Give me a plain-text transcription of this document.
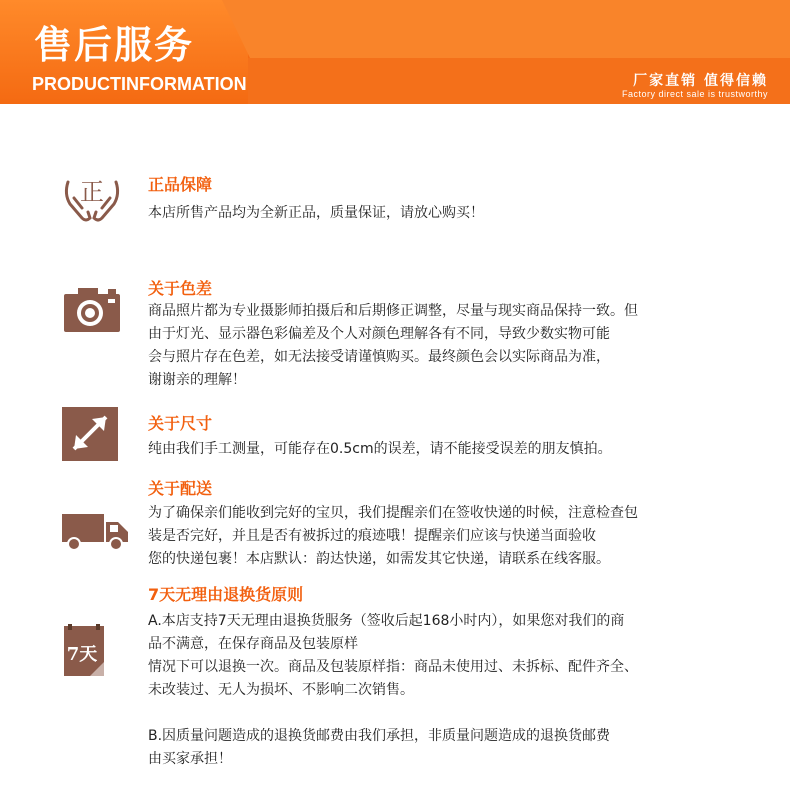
售后服务
PRODUCTINFORMATION	厂家直销 值得信赖
Factory direct sale is trustworthy
正	正品保障

本店所售产品均为全新正品，质量保证，请放心购买！

关于色差

商品照片都为专业摄影师拍摄后和后期修正调整，尽量与现实商品保持一致。但

由于灯光、显示器色彩偏差及个人对颜色理解各有不同，导致少数实物可能

会与照片存在色差，如无法接受请谨慎购买。最终颜色会以实际商品为准，

谢谢亲的理解！

关于尺寸

纯由我们手工测量，可能存在0.5cm的误差，请不能接受误差的朋友慎拍。

关于配送

为了确保亲们能收到完好的宝贝，我们提醒亲们在签收快递的时候，注意检查包

装是否完好，并且是否有被拆过的痕迹哦！提醒亲们应该与快递当面验收

您的快递包裹！本店默认：韵达快递，如需发其它快递，请联系在线客服。

7天
7天无理由退换货原则

A.本店支持7天无理由退换货服务（签收后起168小时内），如果您对我们的商

品不满意，在保存商品及包装原样

情况下可以退换一次。商品及包装原样指：商品未使用过、未拆标、配件齐全、

未改装过、无人为损坏、不影响二次销售。

B.因质量问题造成的退换货邮费由我们承担，非质量问题造成的退换货邮费

由买家承担！
